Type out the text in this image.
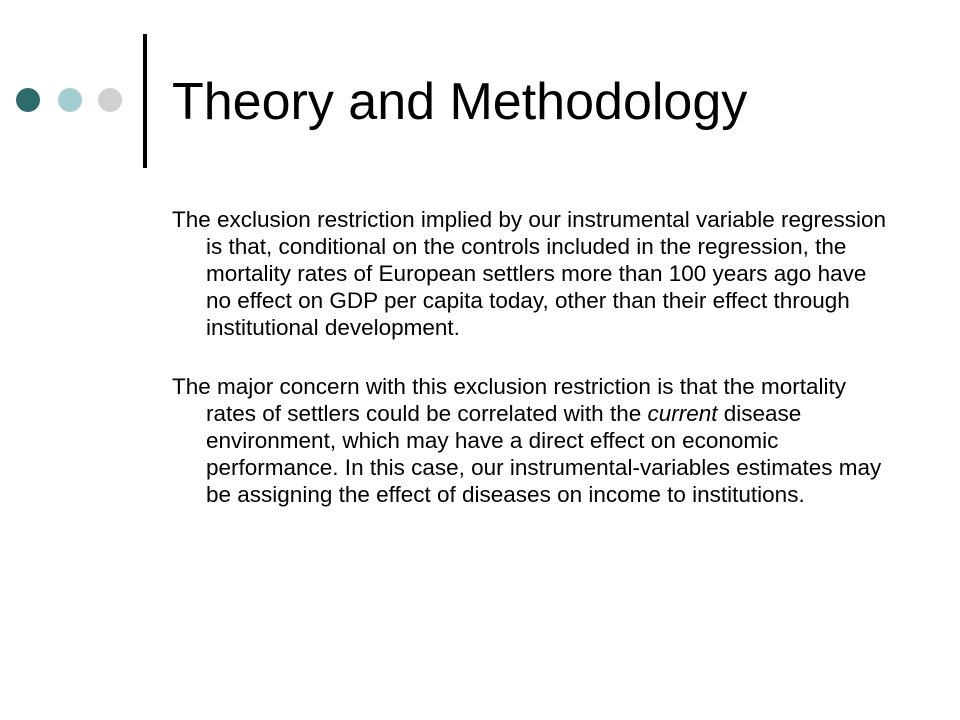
Theory and Methodology

The exclusion restriction implied by our instrumental variable regression is that, conditional on the controls included in the regression, the mortality rates of European settlers more than 100 years ago have no effect on GDP per capita today, other than their effect through institutional development.

The major concern with this exclusion restriction is that the mortality rates of settlers could be correlated with the current disease environment, which may have a direct effect on economic performance. In this case, our instrumental-variables estimates may be assigning the effect of diseases on income to institutions.
